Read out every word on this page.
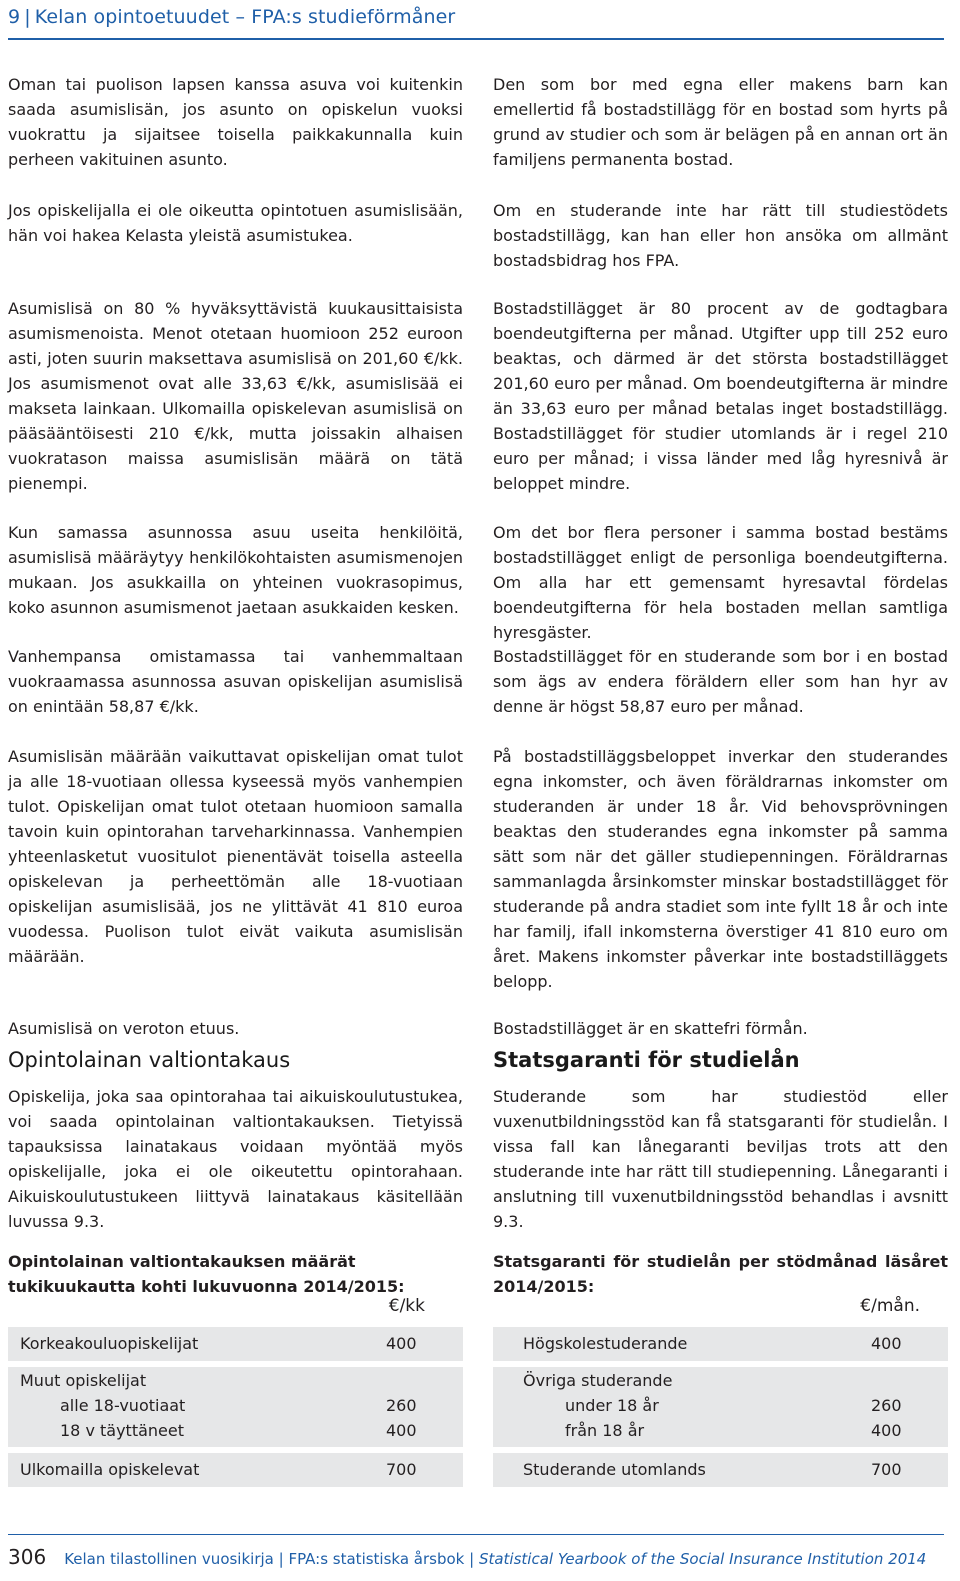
9 | Kelan opintoetuudet – FPA:s studieförmåner

Oman tai puolison lapsen kanssa asuva voi kuitenkin saada asumislisän, jos asunto on opiskelun vuoksi vuokrattu ja sijaitsee toisella paikkakunnalla kuin perheen vakituinen asunto.

Jos opiskelijalla ei ole oikeutta opintotuen asumislisään, hän voi hakea Kelasta yleistä asumistukea.

Asumislisä on 80 % hyväksyttävistä kuukausittaisista asumismenoista. Menot otetaan huomioon 252 euroon asti, joten suurin maksettava asumislisä on 201,60 €/kk. Jos asumismenot ovat alle 33,63 €/kk, asumislisää ei makseta lainkaan. Ulkomailla opiskelevan asumislisä on pääsääntöisesti 210 €/kk, mutta joissakin alhaisen vuokratason maissa asumislisän määrä on tätä pienempi.

Kun samassa asunnossa asuu useita henkilöitä, asumislisä määräytyy henkilökohtaisten asumismenojen mukaan. Jos asukkailla on yhteinen vuokrasopimus, koko asunnon asumismenot jaetaan asukkaiden kesken.

Vanhempansa omistamassa tai vanhemmaltaan vuokraamassa asunnossa asuvan opiskelijan asumislisä on enintään 58,87 €/kk.

Asumislisän määrään vaikuttavat opiskelijan omat tulot ja alle 18-vuotiaan ollessa kyseessä myös vanhempien tulot. Opiskelijan omat tulot otetaan huomioon samalla tavoin kuin opintorahan tarveharkinnassa. Vanhempien yhteenlasketut vuositulot pienentävät toisella asteella opiskelevan ja perheettömän alle 18-vuotiaan opiskelijan asumislisää, jos ne ylittävät 41 810 euroa vuodessa. Puolison tulot eivät vaikuta asumislisän määrään.

Asumislisä on veroton etuus.

Opintolainan valtiontakaus

Opiskelija, joka saa opintorahaa tai aikuiskoulutustukea, voi saada opintolainan valtiontakauksen. Tietyissä tapauksissa lainatakaus voidaan myöntää myös opiskelijalle, joka ei ole oikeutettu opintorahaan. Aikuiskoulutustukeen liittyvä lainatakaus käsitellään luvussa 9.3.

Opintolainan valtiontakauksen määrät tukikuukautta kohti lukuvuonna 2014/2015:

€/kk
Korkeakouluopiskelijat	400
Muut opiskelijat
alle 18-vuotiaat	260
18 v täyttäneet	400
Ulkomailla opiskelevat	700

Den som bor med egna eller makens barn kan emellertid få bostadstillägg för en bostad som hyrts på grund av studier och som är belägen på en annan ort än familjens permanenta bostad.

Om en studerande inte har rätt till studiestödets bostadstillägg, kan han eller hon ansöka om allmänt bostadsbidrag hos FPA.

Bostadstillägget är 80 procent av de godtagbara boendeutgifterna per månad. Utgifter upp till 252 euro beaktas, och därmed är det största bostadstillägget 201,60 euro per månad. Om boendeutgifterna är mindre än 33,63 euro per månad betalas inget bostadstillägg. Bostadstillägget för studier utomlands är i regel 210 euro per månad; i vissa länder med låg hyresnivå är beloppet mindre.

Om det bor flera personer i samma bostad bestäms bostadstillägget enligt de personliga boendeutgifterna. Om alla har ett gemensamt hyresavtal fördelas boendeutgifterna för hela bostaden mellan samtliga hyresgäster.

Bostadstillägget för en studerande som bor i en bostad som ägs av endera föräldern eller som han hyr av denne är högst 58,87 euro per månad.

På bostadstilläggsbeloppet inverkar den studerandes egna inkomster, och även föräldrarnas inkomster om studeranden är under 18 år. Vid behovsprövningen beaktas den studerandes egna inkomster på samma sätt som när det gäller studiepenningen. Föräldrarnas sammanlagda årsinkomster minskar bostadstillägget för studerande på andra stadiet som inte fyllt 18 år och inte har familj, ifall inkomsterna överstiger 41 810 euro om året. Makens inkomster påverkar inte bostadstilläggets belopp.

Bostadstillägget är en skattefri förmån.

Statsgaranti för studielån

Studerande som har studiestöd eller vuxenutbildningsstöd kan få statsgaranti för studielån. I vissa fall kan lånegaranti beviljas trots att den studerande inte har rätt till studiepenning. Lånegaranti i anslutning till vuxenutbildningsstöd behandlas i avsnitt 9.3.

Statsgaranti för studielån per stödmånad läsåret 2014/2015:

€/mån.
Högskolestuderande	400
Övriga studerande
under 18 år	260
från 18 år	400
Studerande utomlands	700
306 Kelan tilastollinen vuosikirja | FPA:s statistiska årsbok | Statistical Yearbook of the Social Insurance Institution 2014
